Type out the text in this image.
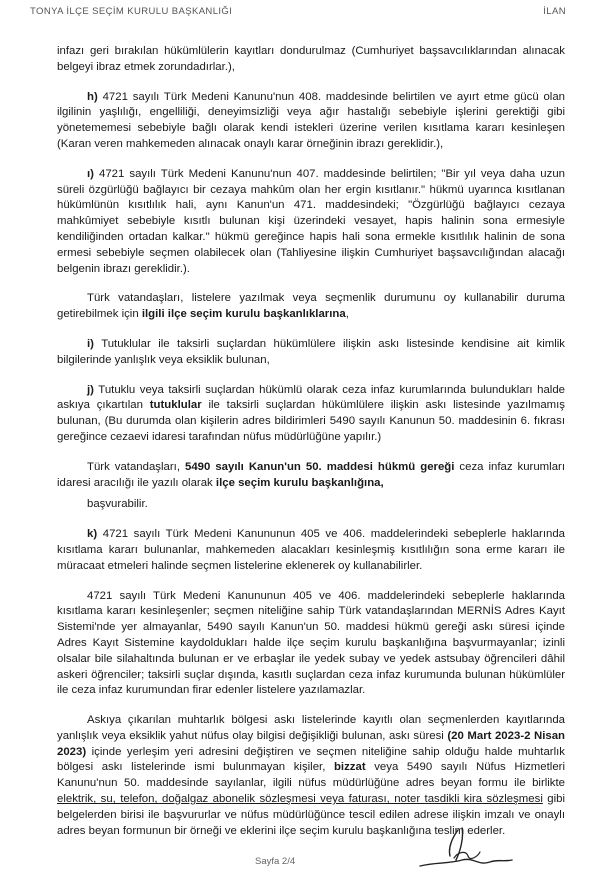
TONYA İLÇE SEÇİM KURULU BAŞKANLIĞI	İLAN

infazı geri bırakılan hükümlülerin kayıtları dondurulmaz (Cumhuriyet başsavcılıklarından alınacak belgeyi ibraz etmek zorundadırlar.),

h) 4721 sayılı Türk Medeni Kanunu'nun 408. maddesinde belirtilen ve ayırt etme gücü olan ilgilinin yaşlılığı, engelliliği, deneyimsizliği veya ağır hastalığı sebebiyle işlerini gerektiği gibi yönetememesi sebebiyle bağlı olarak kendi istekleri üzerine verilen kısıtlama kararı kesinleşen (Karan veren mahkemeden alınacak onaylı karar örneğinin ibrazı gereklidir.),

ı) 4721 sayılı Türk Medeni Kanunu'nun 407. maddesinde belirtilen; "Bir yıl veya daha uzun süreli özgürlüğü bağlayıcı bir cezaya mahkûm olan her ergin kısıtlanır." hükmü uyarınca kısıtlanan hükümlünün kısıtlılık hali, aynı Kanun'un 471. maddesindeki; "Özgürlüğü bağlayıcı cezaya mahkûmiyet sebebiyle kısıtlı bulunan kişi üzerindeki vesayet, hapis halinin sona ermesiyle kendiliğinden ortadan kalkar." hükmü gereğince hapis hali sona ermekle kısıtlılık halinin de sona ermesi sebebiyle seçmen olabilecek olan (Tahliyesine ilişkin Cumhuriyet başsavcılığından alacağı belgenin ibrazı gereklidir.).

Türk vatandaşları, listelere yazılmak veya seçmenlik durumunu oy kullanabilir duruma getirebilmek için ilgili ilçe seçim kurulu başkanlıklarına,

i) Tutuklular ile taksirli suçlardan hükümlülere ilişkin askı listesinde kendisine ait kimlik bilgilerinde yanlışlık veya eksiklik bulunan,

j) Tutuklu veya taksirli suçlardan hükümlü olarak ceza infaz kurumlarında bulundukları halde askıya çıkartılan tutuklular ile taksirli suçlardan hükümlülere ilişkin askı listesinde yazılmamış bulunan, (Bu durumda olan kişilerin adres bildirimleri 5490 sayılı Kanunun 50. maddesinin 6. fıkrası gereğince cezaevi idaresi tarafından nüfus müdürlüğüne yapılır.)

Türk vatandaşları, 5490 sayılı Kanun'un 50. maddesi hükmü gereği ceza infaz kurumları idaresi aracılığı ile yazılı olarak ilçe seçim kurulu başkanlığına,

başvurabilir.

k) 4721 sayılı Türk Medeni Kanununun 405 ve 406. maddelerindeki sebeplerle haklarında kısıtlama kararı bulunanlar, mahkemeden alacakları kesinleşmiş kısıtlılığın sona erme kararı ile müracaat etmeleri halinde seçmen listelerine eklenerek oy kullanabilirler.

4721 sayılı Türk Medeni Kanununun 405 ve 406. maddelerindeki sebeplerle haklarında kısıtlama kararı kesinleşenler; seçmen niteliğine sahip Türk vatandaşlarından MERNİS Adres Kayıt Sistemi'nde yer almayanlar, 5490 sayılı Kanun'un 50. maddesi hükmü gereği askı süresi içinde Adres Kayıt Sistemine kaydoldukları halde ilçe seçim kurulu başkanlığına başvurmayanlar; izinli olsalar bile silahaltında bulunan er ve erbaşlar ile yedek subay ve yedek astsubay öğrencileri dâhil askeri öğrenciler; taksirli suçlar dışında, kasıtlı suçlardan ceza infaz kurumunda bulunan hükümlüler ile ceza infaz kurumundan firar edenler listelere yazılamazlar.

Askıya çıkarılan muhtarlık bölgesi askı listelerinde kayıtlı olan seçmenlerden kayıtlarında yanlışlık veya eksiklik yahut nüfus olay bilgisi değişikliği bulunan, askı süresi (20 Mart 2023-2 Nisan 2023) içinde yerleşim yeri adresini değiştiren ve seçmen niteliğine sahip olduğu halde muhtarlık bölgesi askı listelerinde ismi bulunmayan kişiler, bizzat veya 5490 sayılı Nüfus Hizmetleri Kanunu'nun 50. maddesinde sayılanlar, ilgili nüfus müdürlüğüne adres beyan formu ile birlikte elektrik, su, telefon, doğalgaz abonelik sözleşmesi veya faturası, noter tasdikli kira sözleşmesi gibi belgelerden birisi ile başvururlar ve nüfus müdürlüğünce tescil edilen adrese ilişkin imzalı ve onaylı adres beyan formunun bir örneği ve eklerini ilçe seçim kurulu başkanlığına teslim ederler.

Sayfa 2/4
